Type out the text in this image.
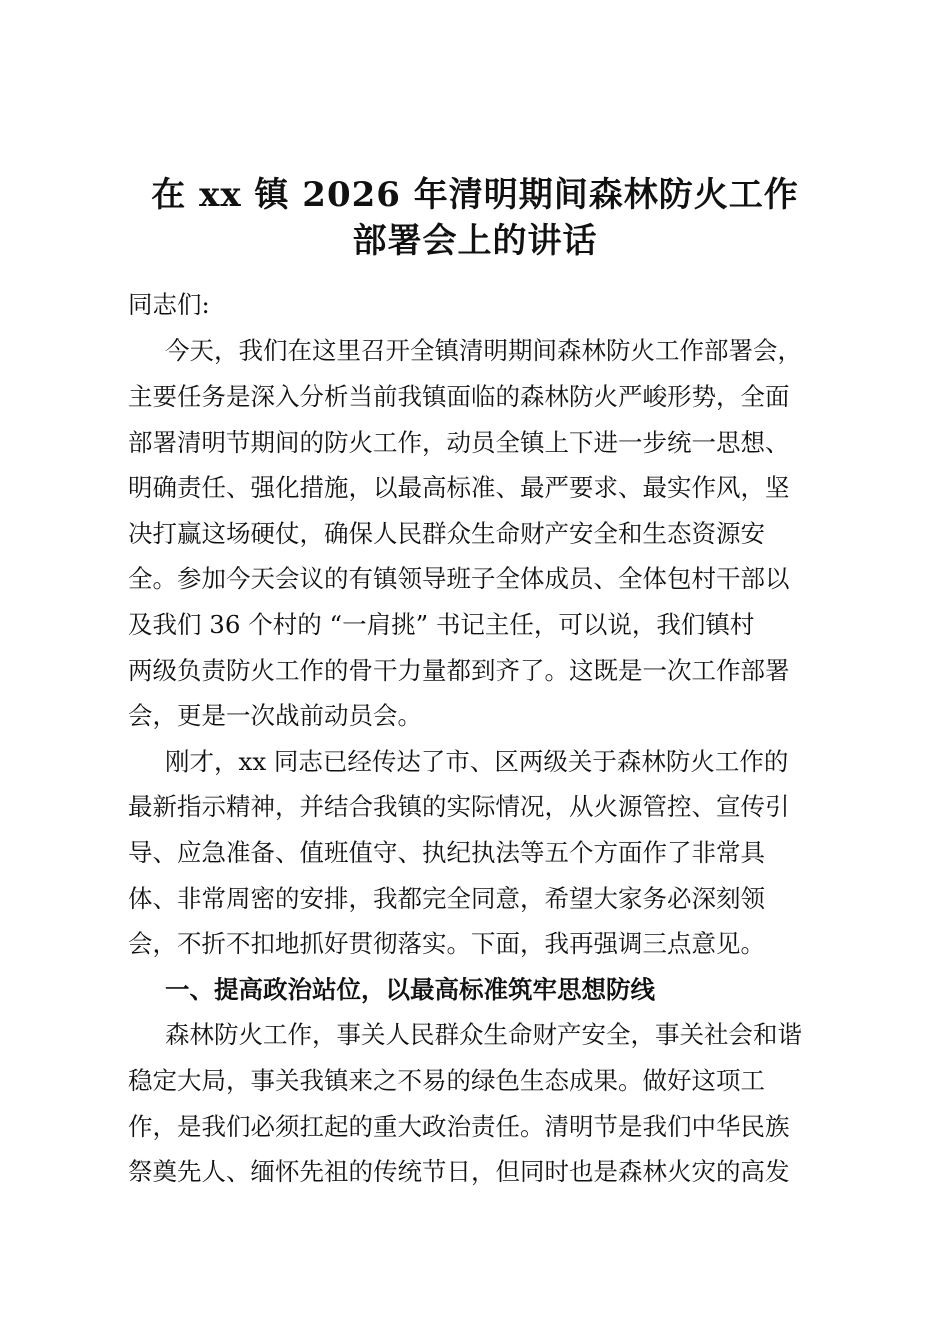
在 xx 镇 2026 年清明期间森林防火工作
部署会上的讲话

同志们:

今天，我们在这里召开全镇清明期间森林防火工作部署会，

主要任务是深入分析当前我镇面临的森林防火严峻形势，全面

部署清明节期间的防火工作，动员全镇上下进一步统一思想、

明确责任、强化措施，以最高标准、最严要求、最实作风，坚

决打赢这场硬仗，确保人民群众生命财产安全和生态资源安

全。参加今天会议的有镇领导班子全体成员、全体包村干部以

及我们 36 个村的 “一肩挑” 书记主任，可以说，我们镇村

两级负责防火工作的骨干力量都到齐了。这既是一次工作部署

会，更是一次战前动员会。

刚才，xx 同志已经传达了市、区两级关于森林防火工作的

最新指示精神，并结合我镇的实际情况，从火源管控、宣传引

导、应急准备、值班值守、执纪执法等五个方面作了非常具

体、非常周密的安排，我都完全同意，希望大家务必深刻领

会，不折不扣地抓好贯彻落实。下面，我再强调三点意见。

一、提高政治站位，以最高标准筑牢思想防线

森林防火工作，事关人民群众生命财产安全，事关社会和谐

稳定大局，事关我镇来之不易的绿色生态成果。做好这项工

作，是我们必须扛起的重大政治责任。清明节是我们中华民族

祭奠先人、缅怀先祖的传统节日，但同时也是森林火灾的高发
